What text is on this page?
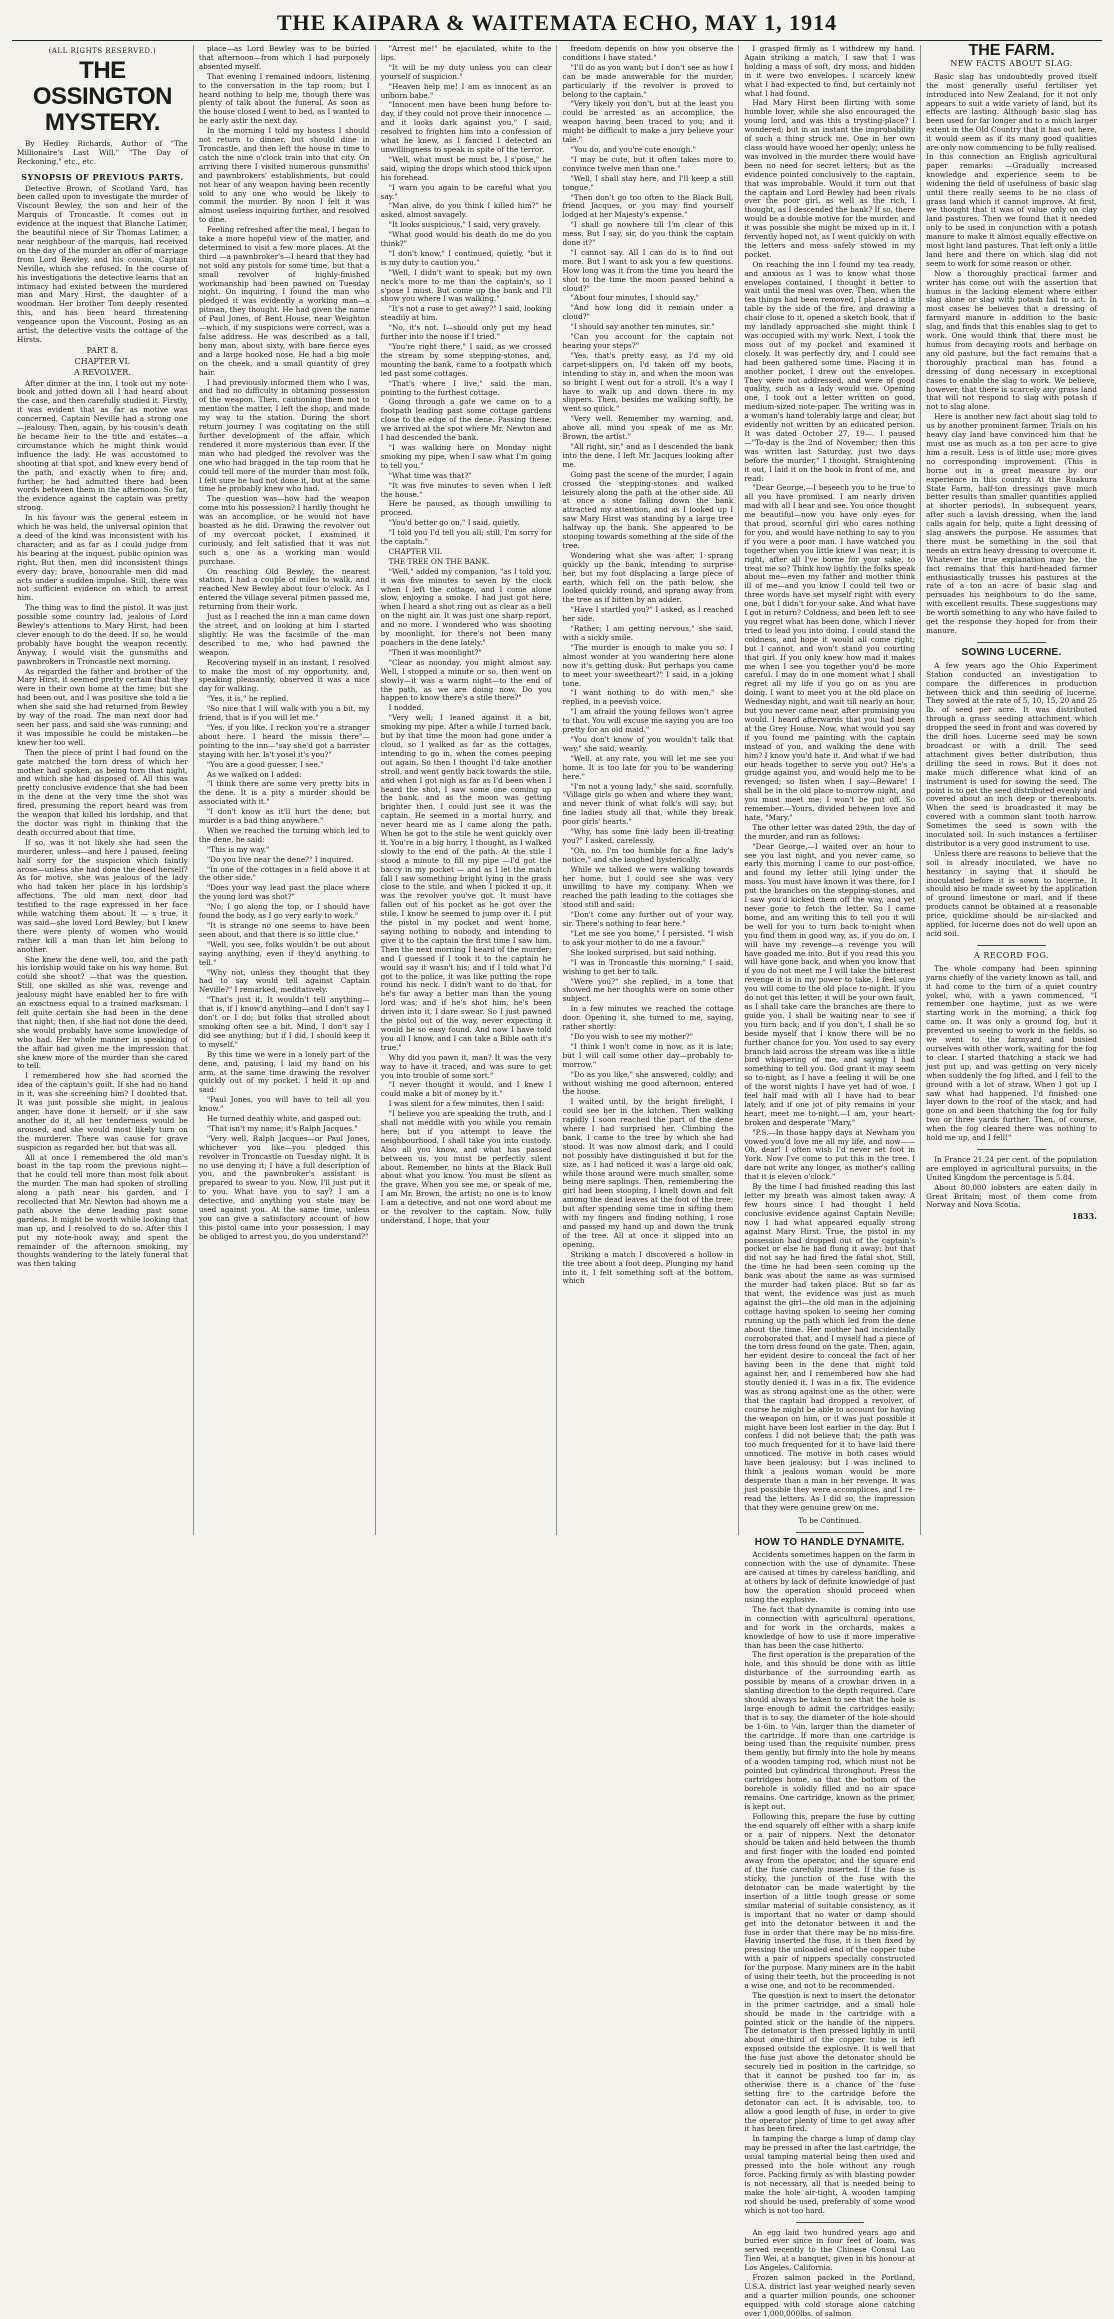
THE KAIPARA & WAITEMATA ECHO, MAY 1, 1914
(ALL RIGHTS RESERVED.)
THE OSSINGTON MYSTERY.
By Hedley Richards, Author of "The Millionaire's Last Will," "The Day of Reckoning," etc., etc.
SYNOPSIS OF PREVIOUS PARTS.

Detective Brown, of Scotland Yard, has been called upon to investigate the murder of Viscount Bewley, the son and heir of the Marquis of Troncastle. It comes out in evidence at the inquest that Blanche Latimer, the beautiful niece of Sir Thomas Latimer, a near neighbour of the marquis, had received on the day of the murder an offer of marriage from Lord Bewley, and his cousin, Captain Neville, which she refused. In the course of his investigations the detective learns that an intimacy had existed between the murdered man and Mary Hirst, the daughter of a woodman. Her brother Tom deeply resented this, and has been heard threatening vengeance upon the Viscount. Posing as an artist, the detective visits the cottage of the Hirsts.

PART 8.
CHAPTER VI.
A REVOLVER.

After dinner at the inn, I took out my note-book and jotted down all I had heard about the case, and then carefully studied it. Firstly, it was evident that as far as motive was concerned, Captain Neville had a strong one—jealousy. Then, again, by his cousin's death he became heir to the title and estates—a circumstance which he might think would influence the lady. He was accustomed to shooting at that spot, and knew every bend of the path, and exactly when to fire; and, further, he had admitted there had been words between them in the afternoon. So far, the evidence against the captain was pretty strong.

In his favour was the general esteem in which he was held, the universal opinion that a deed of the kind was inconsistent with his character; and as far as I could judge from his bearing at the inquest, public opinion was right. But then, men did inconsistent things every day; brave, honourable men did mad acts under a sudden impulse. Still, there was not sufficient evidence on which to arrest him.

The thing was to find the pistol. It was just possible some country lad, jealous of Lord Bewley's attentions to Mary Hirst, had been clever enough to do the deed. If so, he would probably have bought the weapon recently. Anyway, I would visit the gunsmiths and pawnbrokers in Troncastle next morning.

As regarded the father and brother of the Mary Hirst, it seemed pretty certain that they were in their own home at the time; but she had been out, and I was positive she told a lie when she said she had returned from Bewley by way of the road. The man next door had seen her pass, and said she was running; and it was impossible he could be mistaken—he knew her too well.

Then the piece of print I had found on the gate matched the torn dress of which her mother had spoken, as being torn that night, and which she had disposed of. All this was pretty conclusive evidence that she had been in the dene at the very time the shot was fired, presuming the report heard was from the weapon that killed his lordship, and that the doctor was right in thinking that the death occurred about that time.

If so, was it not likely she had seen the murderer, unless—and here I paused, feeling half sorry for the suspicion which faintly arose—unless she had done the deed herself? As for motive, she was jealous of the lady who had taken her place in his lordship's affections. The old man next door had testified to the rage expressed in her face while watching them about. It — s true, it was said—she loved Lord Bewley; but I knew there were plenty of women who would rather kill a man than let him belong to another.

She knew the dene well, too, and the path his lordship would take on his way home. But could she shoot? —that was the question. Still, one skilled as she was, revenge and jealousy might have enabled her to fire with an exactness equal to a trained marksman. I felt quite certain she had been in the dene that night; then, if she had not done the deed, she would probably have some knowledge of who had. Her whole manner in speaking of the affair had given me the impression that she knew more of the murder than she cared to tell.

I remembered how she had scorned the idea of the captain's guilt. If she had no hand in it, was she screening him? I doubted that. It was just possible she might, in jealous anger, have done it herself; or if she saw another do it, all her tenderness would be aroused, and she would most likely turn on the murderer. There was cause for grave suspicion as regarded her, but that was all.

All at once I remembered the old man's boast in the tap room the previous night—that he could tell more than most folk about the murder. The man had spoken of strolling along a path near his garden, and I recollected that Mr. Newton had shown me a path above the dene leading past some gardens. It might be worth while looking that man up, and I resolved to do so. After this I put my note-book away, and spent the remainder of the afternoon smoking, my thoughts wandering to the lately funeral that was then taking

place—as Lord Bewley was to be buried that afternoon—from which I had purposely absented myself.

That evening I remained indoors, listening to the conversation in the tap room; but I heard nothing to help me, though there was plenty of talk about the funeral. As soon as the house closed I went to bed, as I wanted to be early astir the next day.

In the morning I told my hostess I should not return to dinner, but should dine in Troncastle, and then left the house in time to catch the nine o'clock train into that city. On arriving there I visited numerous gunsmiths' and pawnbrokers' establishments, but could not hear of any weapon having been recently sold to any one who would be likely to commit the murder. By noon I felt it was almost useless inquiring further, and resolved to dine.

Feeling refreshed after the meal, I began to take a more hopeful view of the matter, and determined to visit a few more places. At the third —a pawnbroker's—I heard that they had not sold any pistols for some time, but that a small revolver of highly-finished workmanship had been pawned on Tuesday night. On inquiring, I found the man who pledged it was evidently a working man—a pitman, they thought. He had given the name of Paul Jones, of Bent House, near Weighton—which, if my suspicions were correct, was a false address. He was described as a tall, bony man, about sixty, with bare fierce eyes and a large hooked nose. He had a big mole on the cheek, and a small quantity of grey hair.

I had previously informed them who I was, and had no difficulty in obtaining possession of the weapon. Then, cautioning them not to mention the matter, I left the shop, and made my way to the station. During the short return journey I was cogitating on the still further development of the affair, which rendered it more mysterious than ever. If the man who had pledged the revolver was the one who had bragged in the tap room that he could tell more of the murder than most folk, I felt sure he had not done it, but at the same time he probably knew who had.

The question was—how had the weapon come into his possession? I hardly thought he was an accomplice, or he would not have boasted as he did. Drawing the revolver out of my overcoat pocket, I examined it curiously, and felt satisfied that it was not such a one as a working man would purchase.

On reaching Old Bewley, the nearest station, I had a couple of miles to walk, and reached New Bewley about four o'clock. As I entered the village several pitmen passed me, returning from their work.

Just as I reached the inn a man came down the street, and on looking at him I started slightly. He was the facsimile of the man described to me, who had pawned the weapon.

Recovering myself in an instant, I resolved to make the most of my opportunity, and, speaking pleasantly, observed it was a nice day for walking.

"Yes, it is," he replied.

"So nice that I will walk with you a bit, my friend, that is if you will let me."

"Yes, if you like. I reckon you're a stranger about here. I heard the missis there"—pointing to the inn—"say she'd got a barrister staying with her. Is't yosel it's you?"

"You are a good guesser, I see."

As we walked on I added:

"I think there are some very pretty bits in the dene. It is a pity a murder should be associated with it."

"I don't know as it'll hurt the dene; but murder is a bad thing anywhere."

When we reached the turning which led to the dene, he said:

"This is my way."

"Do you live near the dene?" I inquired.

"In one of the cottages in a field above it at the other side."

"Does your way lead past the place where the young lord was shot?"

"No; I go along the top, or I should have found the body, as I go very early to work."

"It is strange no one seems to have been seen about, and that there is so little clue."

"Well, you see, folks wouldn't be out about saying anything, even if they'd anything to tell."

"Why not, unless they thought that they had to say would tell against Captain Neville?" I remarked, meditatively.

"That's just it. It wouldn't tell anything—that is, if I know'd anything—and I don't say I don't or I do; but folks that strolled about smoking often see a bit. Mind, I don't say I did see anything; but if I did, I should keep it to myself."

By this time we were in a lonely part of the dene, and, pausing, I laid my hand on his arm, at the same time drawing the revolver quickly out of my pocket. I held it up and said:

"Paul Jones, you will have to tell all you know."

He turned deathly white, and gasped out:

"That isn't my name; it's Ralph Jacques."

"Very well, Ralph Jacques—or Paul Jones, whichever you like—you pledged this revolver in Troncastle on Tuesday night. It is no use denying it; I have a full description of you, and the pawnbroker's assistant is prepared to swear to you. Now, I'll just put it to you. What have you to say? I am a detective, and anything you state may be used against you. At the same time, unless you can give a satisfactory account of how this pistol came into your possession, I may be obliged to arrest you, do you understand?"

"Arrest me!" he ejaculated, white to the lips.

"It will be my duty unless you can clear yourself of suspicion."

"Heaven help me! I am as innocent as an unborn babe."

"Innocent men have been hung before to-day, if they could not prove their innocence — and it looks dark against you," I said, resolved to frighten him into a confession of what he knew, as I fancied I detected an unwillingness to speak in spite of the terror.

"Well, what must be must be, I s'pose," he said, wiping the drops which stood thick upon his forehead.

"I warn you again to be careful what you say."

"Man alive, do you think I killed him?" he asked, almost savagely.

"It looks suspicious," I said, very gravely.

"What good would his death do me do you think?"

"I don't know," I continued, quietly, "but it is my duty to caution you."

"Well, I didn't want to speak; but my own neck's more to me than the captain's, so I s'pose I must. But come up the bank and I'll show you where I was walking."

"It's not a ruse to get away?" I said, looking steadily at him.

"No, it's not. I—should only put my head further into the noose if I tried."

"You're right there," I said, as we crossed the stream by some stepping-stones, and, mounting the bank, came to a footpath which led past some cottages.

"That's where I live," said the man, pointing to the furthest cottage.

Going through a gate we came on to a footpath leading past some cottage gardens close to the edge of the dene. Passing these, we arrived at the spot where Mr. Newton and I had descended the bank.

"I was walking here on Monday night smoking my pipe, when I saw what I'm going to tell you."

"What time was that?"

"It was five minutes to seven when I left the house."

Here he paused, as though unwilling to proceed.

"You'd better go on," I said, quietly.

"I told you I'd tell you all; still, I'm sorry for the captain."

CHAPTER VII.

THE TREE ON THE BANK.

"Well," added my companion, "as I told you, it was five minutes to seven by the clock when I left the cottage, and I come alone slow, enjoying a smoke. I had just got here, when I heard a shot ring out as clear as a bell on the night air. It was just one sharp report, and no more. I wondered who was shooting by moonlight, for there's not been many poachers in the dene lately."

"Then it was moonlight?"

"Clear as noonday, you might almost say. Well, I stopped a minute or so, then went on slowly—it was a warm night—to the end of the path, as we are doing now. Do you happen to know there's a stile there?"

I nodded.

"Very well; I leaned against it a bit, smoking my pipe. After a while I turned back, but by that time the moon had gone under a cloud, so I walked as far as the cottages, intending to go in, when the comes peeping out again. So then I thought I'd take another stroll, and went gently back towards the stile, and when I got nigh as far as I'd been when I heard the shot, I saw some one coming up the bank, and as the moon was getting brighter then, I could just see it was the captain. He seemed in a mortal hurry, and never heard me as I came along the path. When he got to the stile he went quickly over it. You're in a big hurry, I thought, as I walked slowly to the end of the path. At the stile I stood a minute to fill my pipe —I'd got the baccy in my pocket — and as I let the match fall I saw something bright lying in the grass close to the stile, and when I picked it up, it was the revolver you've got. It must have fallen out of his pocket as he got over the stile. I know he seemed to jump over it. I put the pistol in my pocket and went home, saying nothing to nobody, and intending to give it to the captain the first time I saw him. Then the next morning I heard of the murder; and I guessed if I took it to the captain he would say it wasn't his; and if I told what I'd got to the police, it was like putting the rope round his neck. I didn't want to do that, for he's far away a better man than the young lord was; and if he's shot him, he's been driven into it, I dare swear. So I just pawned the pistol out of the way, never expecting it would be so easy found. And now I have told you all I know, and I can take a Bible oath it's true."

Why did you pawn it, man? It was the very way to have it traced, and was sure to get you into trouble of some sort."

"I never thought it would, and I knew I could make a bit of money by it."

I was silent for a few minutes, then I said:

"I believe you are speaking the truth, and I shall not meddle with you while you remain here; but if you attempt to leave the neighbourhood, I shall take you into custody. Also all you know, and what has passed between us, you must be perfectly silent about. Remember, no hints at the Black Bull about what you know. You must be silent as the grave. When you see me, or speak of me, I am Mr. Brown, the artist; no one is to know I am a detective, and not one word about me or the revolver to the captain. Now, fully understand, I hope, that your

freedom depends on how you observe the conditions I have stated."

"I'll do as you want; but I don't see as how I can be made answerable for the murder, particularly if the revolver is proved to belong to the captain."

"Very likely you don't, but at the least you could be arrested as an accomplice, the weapon having been traced to you; and it might be difficult to make a jury believe your tale."

"You do, and you're cute enough."

"I may be cute, but it often takes more to convince twelve men than one."

"Well, I shall stay here, and I'll keep a still tongue."

"Then don't go too often to the Black Bull, friend Jacques, or you may find yourself lodged at her Majesty's expense."

"I shall go nowhere till I'm clear of this mess. But I say, sir, do you think the captain done it?"

"I cannot say. All I can do is to find out more. But I want to ask you a few questions. How long was it from the time you heard the shot to the time the moon passed behind a cloud?"

"About four minutes, I should say."

"And how long did it remain under a cloud?"

"I should say another ten minutes, sir."

"Can you account for the captain not hearing your steps?"

"Yes, that's pretty easy, as I'd my old carpet-slippers on. I'd taken off my boots, intending to stay in, and when the moon was so bright I went out for a stroll. It's a way I have to walk up and down there in my slippers. Then, besides me walking softly, he went so quick."

"Very well. Remember my warning, and, above all, mind you speak of me as Mr. Brown, the artist."

"All right, sir," and as I descended the bank into the dene, I left Mr. Jacques looking after me.

Going past the scene of the murder, I again crossed the stepping-stones and walked leisurely along the path at the other side. All at once a stone falling down the bank attracted my attention, and as I looked up I saw Mary Hirst was standing by a large tree halfway up the bank. She appeared to be stooping towards something at the side of the tree.

Wondering what she was after, I sprang quickly up the bank, intending to surprise her, but my foot displacing a large piece of earth, which fell on the path below, she looked quickly round, and sprang away from the tree as if bitten by an adder.

"Have I startled you?" I asked, as I reached her side.

"Rather; I am getting nervous," she said, with a sickly smile.

"The murder is enough to make you so. I almost wonder at you wandering here alone now it's getting dusk. But perhaps you came to meet your sweetheart?" I said, in a joking tone.

"I want nothing to do with men," she replied, in a peevish voice.

"I am afraid the young fellows won't agree to that. You will excuse me saying you are too pretty for an old maid."

"You don't know of you wouldn't talk that way," she said, wearily.

"Well, at any rate, you will let me see you home. It is too late for you to be wandering here."

"I'm not a young lady," she said, scornfully. "Village girls go when and where they want, and never think of what folk's will say; but fine ladies study all that, while they break poor girls' hearts."

"Why, has some fine lady been ill-treating you?" I asked, carelessly.

"Oh, no. I'm too humble for a fine lady's notice," and she laughed hysterically.

While we talked we were walking towards her home, but I could see she was very unwilling to have my company. When we reached the path leading to the cottages she stood still and said:

"Don't come any further out of your way, sir. There's nothing to fear here."

"Let me see you home," I persisted. "I wish to ask your mother to do me a favour."

She looked surprised, but said nothing.

"I was in Troncastle this morning," I said, wishing to get her to talk.

"Were you?" she replied, in a tone that showed me her thoughts were on some other subject.

In a few minutes we reached the cottage door. Opening it, she turned to me, saying, rather shortly:

"Do you wish to see my mother?"

"I think I won't come in now, as it is late; but I will call some other day—probably to-morrow."

"Do as you like," she answered, coldly; and without wishing me good afternoon, entered the house.

I waited until, by the bright firelight, I could see her in the kitchen. Then walking rapidly I soon reached the part of the dene where I had surprised her. Climbing the bank, I came to the tree by which she had stood. It was now almost dark, and I could not possibly have distinguished it but for the size, as I had noticed it was a large old oak, while those around were much smaller, some being mere saplings. Then, remembering the girl had been stooping, I knelt down and felt among the dead leaves at the foot of the tree; but after spending some time in sifting them with my fingers and finding nothing, I rose and passed my hand up and down the trunk of the tree. All at once it slipped into an opening.

Striking a match I discovered a hollow in the tree about a foot deep. Plunging my hand into it, I felt something soft at the bottom, which

I grasped firmly as I withdrew my hand. Again striking a match, I saw that I was holding a mass of soft, dry moss, and hidden in it were two envelopes. I scarcely knew what I had expected to find, but certainly not what I had found.

Had Mary Hirst been flirting with some humble lover, while she also encouraged the young lord, and was this a trysting-place? I wondered; but in an instant the improbability of such a thing struck me. One in her own class would have wooed her openly; unless he was involved in the murder there would have been no need for secret letters; but as the evidence pointed conclusively to the captain, that was improbable. Would it turn out that the captain and Lord Bewley had been rivals over the poor girl, as well as the rich, I thought, as I descended the bank? If so, there would be a double motive for the murder, and it was possible she might be mixed up in it. I fervently hoped not, as I went quickly on with the letters and moss safely stowed in my pocket.

On reaching the inn I found my tea ready, and anxious as I was to know what those envelopes contained, I thought it better to wait until the meal was over. Then, when the tea things had been removed, I placed a little table by the side of the fire, and drawing a chair close to it, opened a sketch book, that if my landlady approached she might think I was occupied with my work. Next, I took the moss out of my pocket and examined it closely. It was perfectly dry, and I could see had been gathered some time. Placing it in another pocket, I drew out the envelopes. They were not addressed, and were of good quality, such as a lady would use. Opening one, I took out a letter written on good, medium-sized note-paper. The writing was in a woman's hand tolerably large and clear, but evidently not written by an educated person. It was dated October 27, 19—. I paused —"To-day is the 2nd of November; then this was written last Saturday, just two days before the murder," I thought. Straightening it out, I laid it on the book in front of me, and read:

"Dear George,—I beseech you to be true to all you have promised. I am nearly driven mad with all I hear and see. You once thought me beautiful—now you have only eyes for that proud, scornful girl who cares nothing for you, and would have nothing to say to you if you were a poor man. I have watched you together when you little knew I was near; it is right, after all I've borne for your sake, to treat me so? Think how lightly the folks speak about me—even my father and mother think ill of me—and you know I could tell two or three words have set myself right with every one, but I didn't for your sake. And what have I got in return? Coldness, and been left to see you regret what has been done, which I never tried to lead you into doing. I could stand the coldness, and hope it would all come right; but I cannot, and won't stand you courting that girl. If you only knew how mad it makes me when I see you together you'd be more careful. I may do in one moment what I shall regret all my life if you go on as you are doing. I want to meet you at the old place on Wednesday night, and wait till nearly an hour, but you never came near, after promising you would. I heard afterwards that you had been at the Grey House. Now, what would you say if you found me painting with the captain instead of you, and walking the dene with him? I know you'd hate it. And what if we had our heads together to serve you out? He's a grudge against you, and would help me to be revenged; so listen when I say—Beware! I shall be in the old place to-morrow night, and you must meet me; I won't be put off. So remember.—Yours, divided between love and hate, "Mary."

The other letter was dated 29th, the day of the murder, and ran as follows:

"Dear George,—I waited over an hour to see you last night, and you never came, so early this morning I came to our post-office, and found my letter still lying under the moss. You must have known it was there, for I put the branches on the stepping-stones, and I saw you'd kicked them off the way, and yet never gone to fetch the letter. So I came home, and am writing this to tell you it will be well for you to turn back to-night when you find them in good way, as, if you do on, I will have my revenge—a revenge you will have goaded me into. But if you read this you will have gone back, and when you know that if you do not meet me I will take the bitterest revenge it is in my power to take, I feel sure you will come to the old place to-night. If you do not get this letter, it will be your own fault, as I shall take care the branches are there to guide you. I shall be waiting near to see if you turn back; and if you don't, I shall be so beside myself that I know there will be no further chance for you. You used to say every branch laid across the stream was like a little bird whispering of me, and saying I had something to tell you. God grant it may seem so to-night, as I have a feeling it will be one of the worst nights I have yet had of woe. I feel half mad with all I have had to bear lately, and if one jot of pity remains in your heart, meet me to-night.—I am, your heart-broken and desperate "Mary."

"P.S.—In those happy days at Newham you vowed you'd love me all my life, and now—— Oh, dear! I often wish I'd never set foot in York. Now I've come to put this in the tree. I dare not write any longer, as mother's calling that it is eleven o'clock."

By the time I had finished reading this last letter my breath was almost taken away. A few hours since I had thought I held conclusive evidence against Captain Neville; now I had what appeared equally strong against Mary Hirst. True, the pistol in my possession had dropped out of the captain's pocket or else he had flung it away; but that did not say he had fired the fatal shot. Still, the time he had been seen coming up the bank was about the same as was surmised the murder had taken place. But so far as that went, the evidence was just as much against the girl—the old man in the adjoining cottage having spoken to seeing her coming running up the path which led from the dene about the time. Her mother had incidentally corroborated that, and I myself had a piece of the torn dress found on the gate. Then, again, her evident desire to conceal the fact of her having been in the dene that night told against her, and I remembered how she had stoutly denied it. I was in a fix. The evidence was as strong against one as the other, were that the captain had dropped a revolver, of course he might be able to account for having the weapon on him, or it was just possible it might have been lost earlier in the day. But I confess I did not believe that; the path was too much frequented for it to have laid there unnoticed. The motive in both cases would have been jealousy; but I was inclined to think a jealous woman would be more desperate than a man in her revenge. It was just possible they were accomplices, and I re-read the letters. As I did so, the impression that they were genuine grew on me.

To be Continued.
HOW TO HANDLE DYNAMITE.

Accidents sometimes happen on the farm in connection with the use of dynamite. These are caused at times by careless handling, and at others by lack of definite knowledge of just how the operation should proceed when using the explosive.

The fact that dynamite is coming into use in connection with agricultural operations, and for work in the orchards, makes a knowledge of how to use it more imperative than has been the case hitherto.

The first operation is the preparation of the hole, and this should be done with as little disturbance of the surrounding earth as possible by means of a crowbar driven in a slanting direction to the depth required. Care should always be taken to see that the hole is large enough to admit the cartridges easily; that is to say, the diameter of the hole should be 1-6in. to ¼in. larger than the diameter of the cartridge. If more than one cartridge is being used than the requisite number, press them gently, but firmly into the hole by means of a wooden tamping rod, which must not be pointed but cylindrical throughout. Press the cartridges home, so that the bottom of the borehole is solidly filled and no air space remains. One cartridge, known as the primer, is kept out.

Following this, prepare the fuse by cutting the end squarely off either with a sharp knife or a pair of nippers. Next the detonator should be taken and held between the thumb and first finger with the loaded end pointed away from the operator, and the square end of the fuse carefully inserted. If the fuse is sticky, the junction of the fuse with the detonator can be made watertight by the insertion of a little tough grease or some similar material of suitable consistency, as it is important that no water or damp should get into the detonator between it and the fuse in order that there may be no miss-fire. Having inserted the fuse, it is then fixed by pressing the unloaded end of the copper tube with a pair of nippers specially constructed for the purpose. Many miners are in the habit of using their teeth, but the proceeding is not a wise one, and not to be recommended.

The question is next to insert the detonator in the primer cartridge, and a small hole should be made in the cartridge with a pointed stick or the handle of the nippers. The detonator is then pressed lightly in until about one-third of the copper tube is left exposed outside the explosive. It is well that the fuse just above the detonator should be securely tied in position in the cartridge, so that it cannot be pushed too far in, as otherwise there is a chance of the fuse setting fire to the cartridge before the detonator can act. It is advisable, too, to allow a good length of fuse, in order to give the operator plenty of time to get away after it has been fired.

In tamping the charge a lump of damp clay may be pressed in after the last cartridge, the usual tamping material being then used and pressed into the hole without any rough force. Packing firmly as with blasting powder is not necessary, all that is needed being to make the hole air-tight. A wooden tamping rod should be used, preferably of some wood which is not too hard.

An egg laid two hundred years ago and buried ever since in four feet of loam, was served recently to the Chinese Consul Lau Tien Wei, at a banquet, given in his honour at Los Angeles, California.

Frozen salmon packed in the Portland, U.S.A. district last year weighed nearly seven and a quarter million pounds, one schooner equipped with cold storage alone catching over 1,000,000lbs. of salmon

THE FARM.
NEW FACTS ABOUT SLAG.

Basic slag has undoubtedly proved itself the most generally useful fertiliser yet introduced into New Zealand, for it not only appears to suit a wide variety of land, but its effects are lasting. Although basic slag has been used for far longer and to a much larger extent in the Old Country that it has out here, it would seem as if its many good qualities are only now commencing to be fully realised. In this connection an English agricultural paper remarks: —Gradually increased knowledge and experience seem to be widening the field of usefulness of basic slag until there really seems to be no class of grass land which it cannot improve. At first, we thought that it was of value only on clay land pastures. Then we found that it needed only to be used in conjunction with a potash manure to make it almost equally effective on most light land pastures. That left only a little land here and there on which slag did not seem to work for some reason or other.

Now a thoroughly practical farmer and writer has come out with the assertion that humus is the lacking element where either slag alone or slag with potash fail to act. In most cases he believes that a dressing of farmyard manure in addition to the basic slag, and finds that this enables slag to get to work. One would think that there must be humus from decaying roots and herbage on any old pasture, but the fact remains that a thoroughly practical man has found a dressing of dung necessary in exceptional cases to enable the slag to work. We believe, however, that there is scarcely any grass land that will not respond to slag with potash if not to slag alone.

Here is another new fact about slag told to us by another prominent farmer. Trials on his heavy clay land have convinced him that he must use as much as a ton per acre to give him a result. Less is of little use; more gives no corresponding improvement. (This is borne out in a great measure by our experience in this country. At the Ruakura State Farm, half-ton dressings gave much better results than smaller quantities applied at shorter periods). In subsequent years, after such a lavish dressing, when the land calls again for help, quite a light dressing of slag answers the purpose. He assumes that there must be something in the soil that needs an extra heavy dressing to overcome it. Whatever the true explanation may be, the fact remains that this hard-headed farmer enthusiastically trusses his pastures at the rate of a ton an acre of basic slag and persuades his neighbours to do the same, with excellent results. These suggestions may be worth something to any who have failed to get the response they hoped for from their manure.

SOWING LUCERNE.

A few years ago the Ohio Experiment Station conducted an investigation to compare the differences in production between thick and thin seeding of lucerne. They sowed at the rate of 5, 10, 15, 20 and 25 lb. of seed per acre. It was distributed through a grass seeding attachment which dropped the seed in front and was covered by the drill hoes. Lucerne seed may be sown broadcast or with a drill. The seed attachment gives better distribution, thus drilling the seed in rows. But it does not make much difference what kind of an instrument is used for sowing the seed. The point is to get the seed distributed evenly and covered about an inch deep or thereabouts. When the seed is broadcasted it may be covered with a common slant tooth harrow. Sometimes the seed is sown with the inoculated soil. In such instances a fertiliser distributor is a very good instrument to use.

Unless there are reasons to believe that the soil is already inoculated, we have no hesitancy in saying that it should be inoculated before it is sown to lucerne. It should also be made sweet by the application of ground limestone or marl, and if these products cannot be obtained at a reasonable price, quicklime should be air-slacked and applied, for lucerne does not do well upon an acid soil.

A RECORD FOG.

The whole company had been spinning yarns chiefly of the variety known as tall, and it had come to the turn of a quiet country yokel, who, with a yawn commenced, "I remember one haytime, just as we were starting work in the morning, a thick fog came on. It was only a ground fog, but it prevented us seeing to work in the fields, so we went to the farmyard and busied ourselves with other work, waiting for the fog to clear. I started thatching a stack we had just put up, and was getting on very nicely when suddenly the fog lifted, and I fell to the ground with a lot of straw. When I got up I saw what had happened. I'd finished one layer down to the roof of the stack, and had gone on and been thatching the fog for fully two or three yards further. Then, of course, when the fog cleared there was nothing to hold me up, and I fell!"

In France 21.24 per cent. of the population are employed in agricultural pursuits; in the United Kingdom the percentage is 5.84.

About 80,000 lobsters are eaten daily in Great Britain; most of them come from Norway and Nova Scotia.

1833.
